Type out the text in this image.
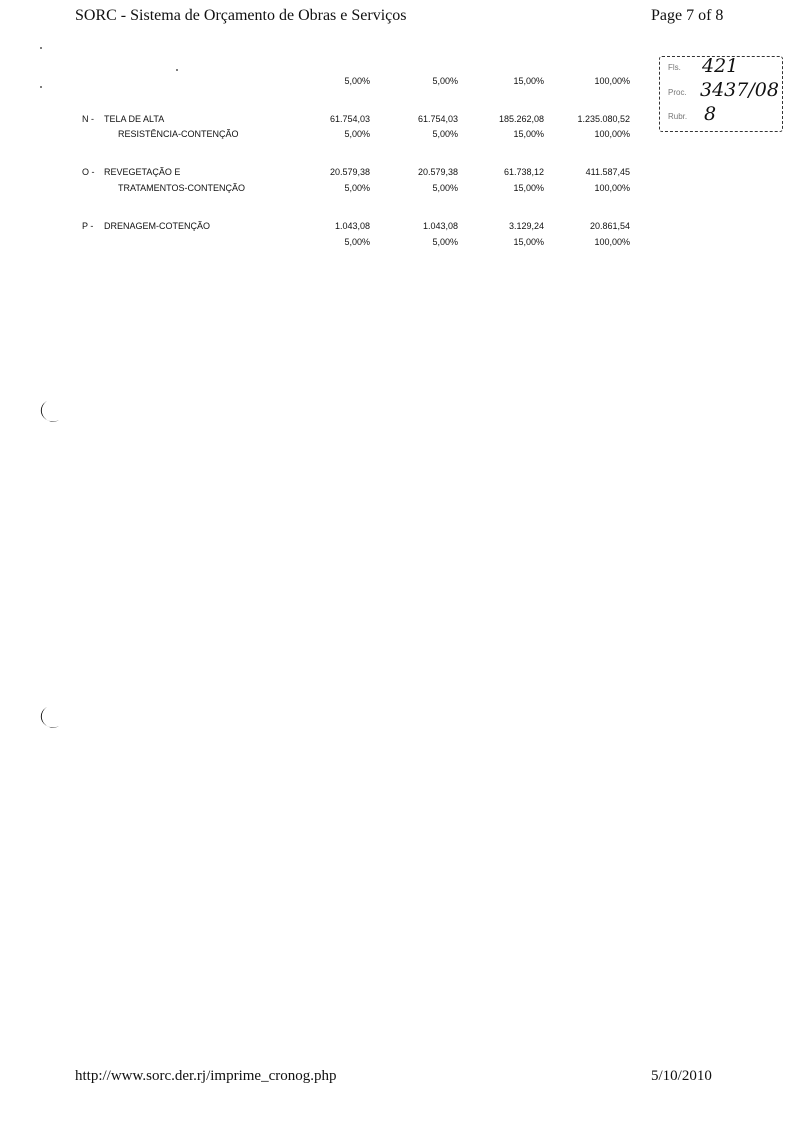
SORC - Sistema de Orçamento de Obras e Serviços	Page 7 of 8
5,00%	5,00%	15,00%	100,00%
N - TELA DE ALTA	61.754,03	61.754,03	185.262,08	1.235.080,52
RESISTÊNCIA-CONTENÇÃO	5,00%	5,00%	15,00%	100,00%
O - REVEGETAÇÃO E	20.579,38	20.579,38	61.738,12	411.587,45
TRATAMENTOS-CONTENÇÃO	5,00%	5,00%	15,00%	100,00%
P - DRENAGEM-COTENÇÃO	1.043,08	1.043,08	3.129,24	20.861,54
5,00%	5,00%	15,00%	100,00%
Fls.
Proc.
Rubr.
421
3437/08
8
http://www.sorc.der.rj/imprime_cronog.php	5/10/2010
